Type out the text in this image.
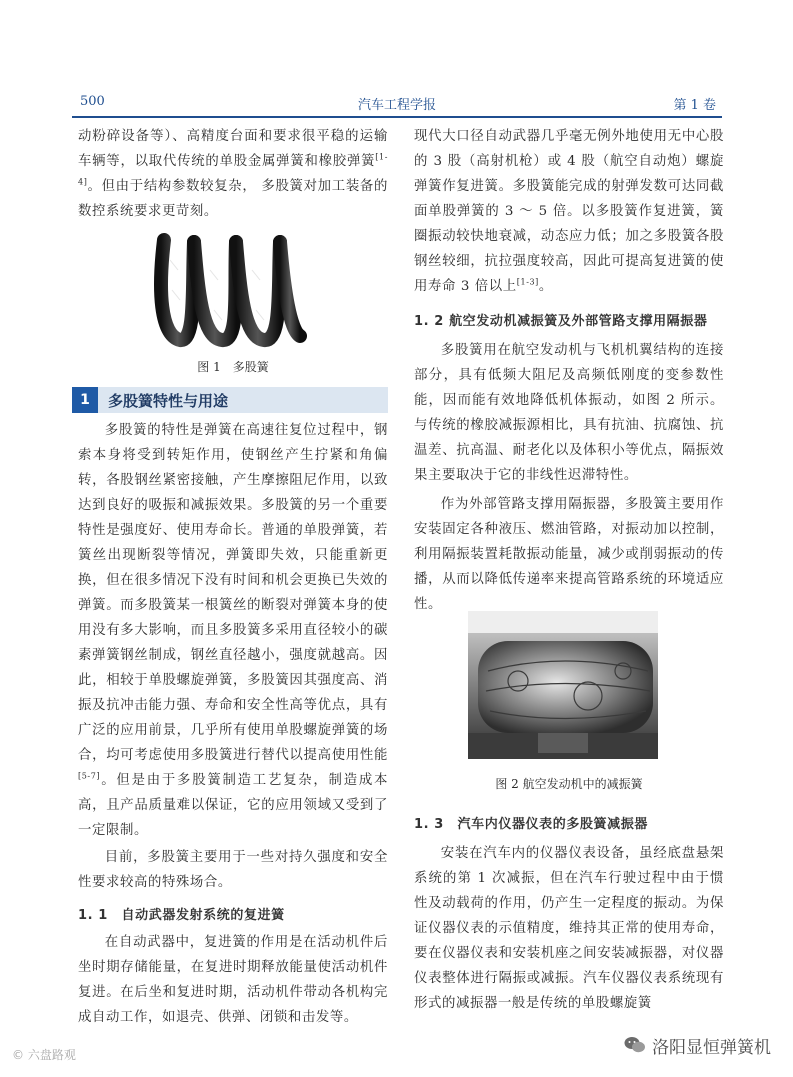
500	汽车工程学报	第 1 卷

动粉碎设备等）、高精度台面和要求很平稳的运输车辆等，以取代传统的单股金属弹簧和橡胶弹簧[1-4]。但由于结构参数较复杂， 多股簧对加工装备的数控系统要求更苛刻。

图 1　多股簧
1	多股簧特性与用途

多股簧的特性是弹簧在高速往复位过程中，钢索本身将受到转矩作用，使钢丝产生拧紧和角偏转，各股钢丝紧密接触，产生摩擦阻尼作用，以致达到良好的吸振和减振效果。多股簧的另一个重要特性是强度好、使用寿命长。普通的单股弹簧，若簧丝出现断裂等情况，弹簧即失效，只能重新更换，但在很多情况下没有时间和机会更换已失效的弹簧。而多股簧某一根簧丝的断裂对弹簧本身的使用没有多大影响，而且多股簧多采用直径较小的碳素弹簧钢丝制成，钢丝直径越小，强度就越高。因此，相较于单股螺旋弹簧，多股簧因其强度高、消振及抗冲击能力强、寿命和安全性高等优点，具有广泛的应用前景，几乎所有使用单股螺旋弹簧的场合，均可考虑使用多股簧进行替代以提高使用性能[5-7]。但是由于多股簧制造工艺复杂，制造成本高，且产品质量难以保证，它的应用领域又受到了一定限制。

目前，多股簧主要用于一些对持久强度和安全性要求较高的特殊场合。

1. 1　自动武器发射系统的复进簧

在自动武器中，复进簧的作用是在活动机件后坐时期存储能量，在复进时期释放能量使活动机件复进。在后坐和复进时期，活动机件带动各机构完成自动工作，如退壳、供弹、闭锁和击发等。

现代大口径自动武器几乎毫无例外地使用无中心股的 3 股（高射机枪）或 4 股（航空自动炮）螺旋弹簧作复进簧。多股簧能完成的射弹发数可达同截面单股弹簧的 3 ～ 5 倍。以多股簧作复进簧，簧圈振动较快地衰减，动态应力低；加之多股簧各股钢丝较细，抗拉强度较高，因此可提高复进簧的使用寿命 3 倍以上[1-3]。

1. 2 航空发动机减振簧及外部管路支撑用隔振器

多股簧用在航空发动机与飞机机翼结构的连接部分，具有低频大阻尼及高频低刚度的变参数性能，因而能有效地降低机体振动，如图 2 所示。与传统的橡胶减振源相比，具有抗油、抗腐蚀、抗温差、抗高温、耐老化以及体积小等优点，隔振效果主要取决于它的非线性迟滞特性。

作为外部管路支撑用隔振器，多股簧主要用作安装固定各种液压、燃油管路，对振动加以控制，利用隔振装置耗散振动能量，减少或削弱振动的传播，从而以降低传递率来提高管路系统的环境适应性。

图 2 航空发动机中的减振簧

1. 3　汽车内仪器仪表的多股簧减振器

安装在汽车内的仪器仪表设备，虽经底盘悬架系统的第 1 次减振，但在汽车行驶过程中由于惯性及动载荷的作用，仍产生一定程度的振动。为保证仪器仪表的示值精度，维持其正常的使用寿命，要在仪器仪表和安装机座之间安装减振器，对仪器仪表整体进行隔振或减振。汽车仪器仪表系统现有形式的减振器一般是传统的单股螺旋簧

© 六盘路观	洛阳显恒弹簧机
